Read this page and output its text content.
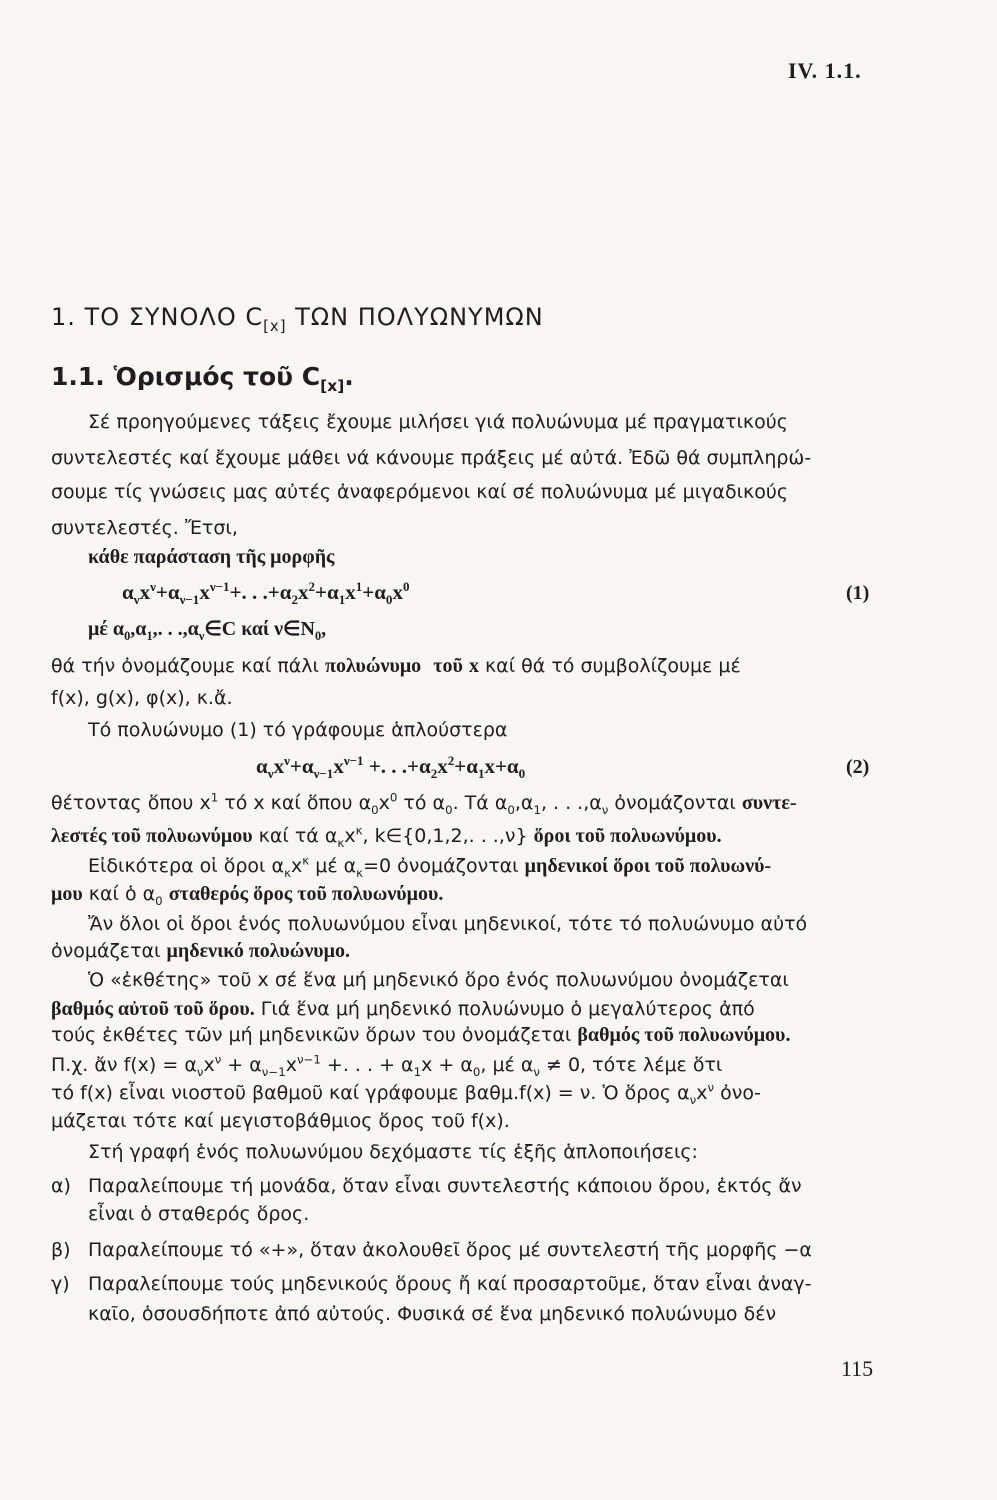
IV. 1.1.
1. ΤΟ ΣΥΝΟΛΟ $C_{[x]}$ ΤΩΝ ΠΟΛΥΩΝΥΜΩΝ
1.1. Ὁρισμός τοῦ $C_{[x]}$.
Σέ προηγούμενες τάξεις ἔχουμε μιλήσει γιά πολυώνυμα μέ πραγματικούς
συντελεστές καί ἔχουμε μάθει νά κάνουμε πράξεις μέ αὐτά. Ἐδῶ θά συμπληρώ-
σουμε τίς γνώσεις μας αὐτές ἀναφερόμενοι καί σέ πολυώνυμα μέ μιγαδικούς
συντελεστές. Ἔτσι,
κάθε παράσταση τῆς μορφῆς
$\alpha_\nu x^\nu+\alpha_{\nu-1}x^{\nu-1}+$. . $.+\alpha_2x^2+\alpha_1x^1+\alpha_0x^0$	(1)
μέ $\alpha_0,\alpha_1$,. . $.,\alpha_\nu\in C$ καί $\nu\in N_0$,
θά τήν ὀνομάζουμε καί πάλι πολυώνυμο τοῦ x καί θά τό συμβολίζουμε μέ
f(x), g(x), φ(x), κ.ἄ.
Τό πολυώνυμο (1) τό γράφουμε ἁπλούστερα
$\alpha_\nu x^\nu+\alpha_{\nu-1}x^{\nu-1}$ +. . $.+\alpha_2x^2+\alpha_1x+\alpha_0$	(2)
θέτοντας ὅπου $x^1$ τό x καί ὅπου $\alpha_0x^0$ τό $\alpha_0$. Τά $\alpha_0,\alpha_1$, . . $.,\alpha_\nu$ ὀνομάζονται συντε-
λεστές τοῦ πολυωνύμου καί τά $\alpha_\kappa x^\kappa$, k∈{0,1,2,. . .,ν} ὅροι τοῦ πολυωνύμου.
Εἰδικότερα οἱ ὅροι $\alpha_\kappa x^\kappa$ μέ $\alpha_\kappa=0$ ὀνομάζονται μηδενικοί ὅροι τοῦ πολυωνύ-
μου καί ὁ $\alpha_0$ σταθερός ὅρος τοῦ πολυωνύμου.
Ἄν ὅλοι οἱ ὅροι ἑνός πολυωνύμου εἶναι μηδενικοί, τότε τό πολυώνυμο αὐτό
ὀνομάζεται μηδενικό πολυώνυμο.
Ὁ «ἐκθέτης» τοῦ x σέ ἕνα μή μηδενικό ὅρο ἑνός πολυωνύμου ὀνομάζεται
βαθμός αὐτοῦ τοῦ ὅρου. Γιά ἕνα μή μηδενικό πολυώνυμο ὁ μεγαλύτερος ἀπό
τούς ἐκθέτες τῶν μή μηδενικῶν ὅρων του ὀνομάζεται βαθμός τοῦ πολυωνύμου.
Π.χ. ἄν $f(x) = \alpha_\nu x^\nu + \alpha_{\nu-1}x^{\nu-1}$ +. . . + $\alpha_1x + \alpha_0$, μέ $\alpha_\nu \ne 0$, τότε λέμε ὅτι
τό f(x) εἶναι νιοστοῦ βαθμοῦ καί γράφουμε βαθμ.f(x) = ν. Ὁ ὅρος $\alpha_\nu x^\nu$ ὀνο-
μάζεται τότε καί μεγιστοβάθμιος ὅρος τοῦ f(x).
Στή γραφή ἑνός πολυωνύμου δεχόμαστε τίς ἑξῆς ἁπλοποιήσεις:
α) Παραλείπουμε τή μονάδα, ὅταν εἶναι συντελεστής κάποιου ὅρου, ἐκτός ἄν
εἶναι ὁ σταθερός ὅρος.
β) Παραλείπουμε τό «+», ὅταν ἀκολουθεῖ ὅρος μέ συντελεστή τῆς μορφῆς −α
γ) Παραλείπουμε τούς μηδενικούς ὅρους ἤ καί προσαρτοῦμε, ὅταν εἶναι ἀναγ-
καῖο, ὁσουσδήποτε ἀπό αὐτούς. Φυσικά σέ ἕνα μηδενικό πολυώνυμο δέν
115
